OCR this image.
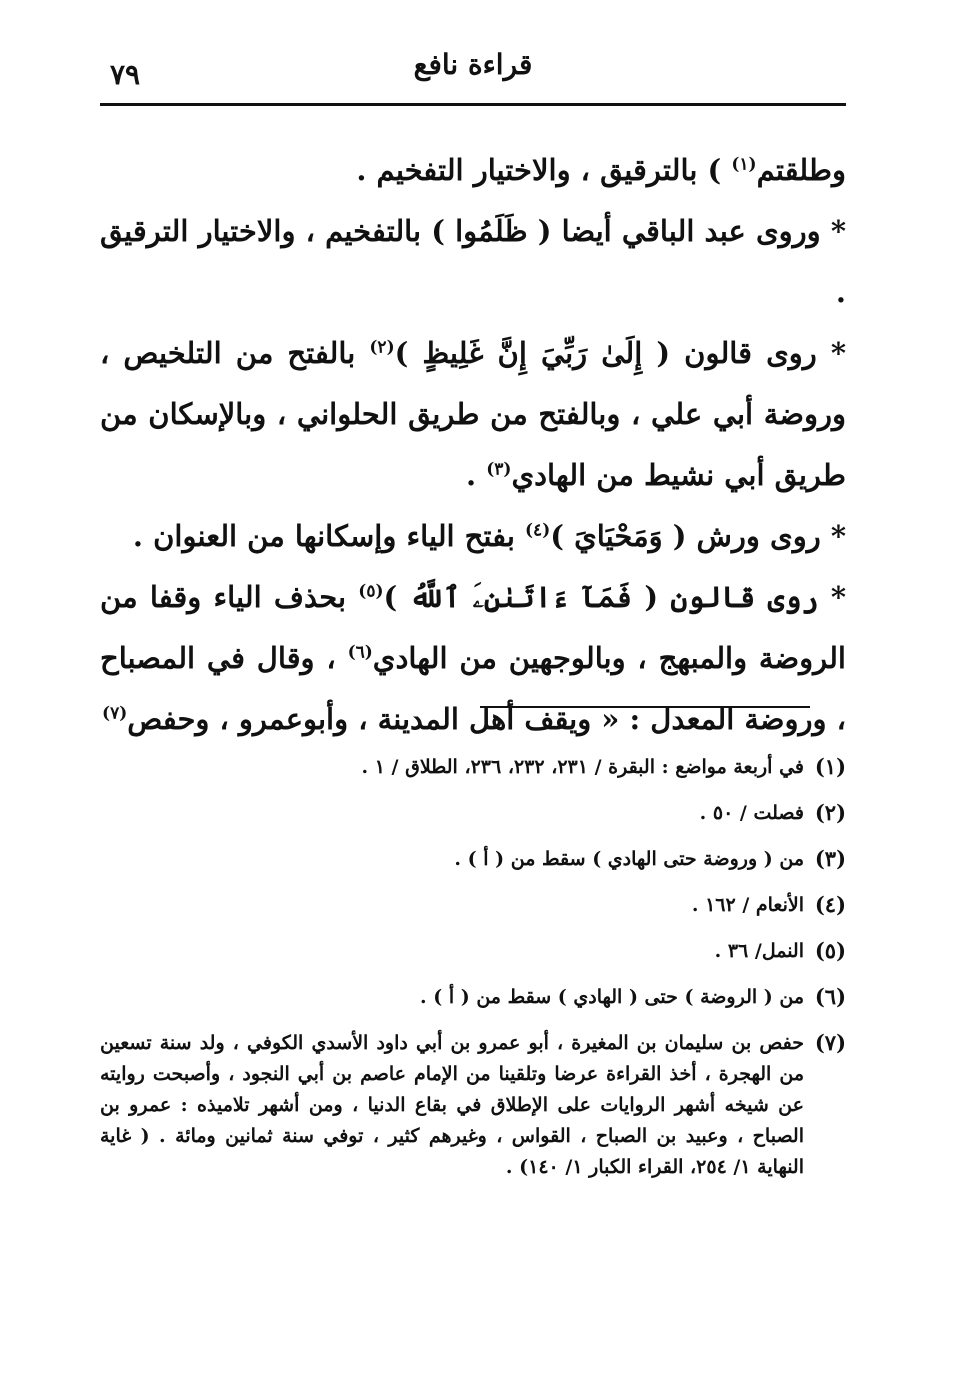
٧٩	قراءة نافع

وطلقتم$^{(١)}$ ) بالترقيق ، والاختيار التفخيم .

* وروى عبد الباقي أيضا ( ظَلَمُوا ) بالتفخيم ، والاختيار الترقيق .

* روى قالون ( إِلَىٰ رَبِّيَ إِنَّ غَلِيظٍ )$^{(٢)}$ بالفتح من التلخيص ، وروضة أبي علي ، وبالفتح من طريق الحلواني ، وبالإسكان من طريق أبي نشيط من الهادي$^{(٣)}$ .

* روى ورش ( وَمَحْيَايَ )$^{(٤)}$ بفتح الياء وإسكانها من العنوان .

* روى قالون ( فَمَآ ءَاتَىٰنِۦَ ٱللَّهُ )$^{(٥)}$ بحذف الياء وقفا من الروضة والمبهج ، وبالوجهين من الهادي$^{(٦)}$ ، وقال في المصباح ، وروضة المعدل : « ويقف أهل المدينة ، وأبوعمرو ، وحفص$^{(٧)}$

(١)
في أربعة مواضع : البقرة / ٢٣١، ٢٣٢، ٢٣٦، الطلاق / ١ .
(٢)
فصلت / ٥٠ .
(٣)
من ( وروضة حتى الهادي ) سقط من ( أ ) .
(٤)
الأنعام / ١٦٢ .
(٥)
النمل/ ٣٦ .
(٦)
من ( الروضة ) حتى ( الهادي ) سقط من ( أ ) .
(٧)
حفص بن سليمان بن المغيرة ، أبو عمرو بن أبي داود الأسدي الكوفي ، ولد سنة تسعين من الهجرة ، أخذ القراءة عرضا وتلقينا من الإمام عاصم بن أبي النجود ، وأصبحت روايته عن شيخه أشهر الروايات على الإطلاق في بقاع الدنيا ، ومن أشهر تلاميذه : عمرو بن الصباح ، وعبيد بن الصباح ، القواس ، وغيرهم كثير ، توفي سنة ثمانين ومائة . ( غاية النهاية ١/ ٢٥٤، القراء الكبار ١/ ١٤٠) .
